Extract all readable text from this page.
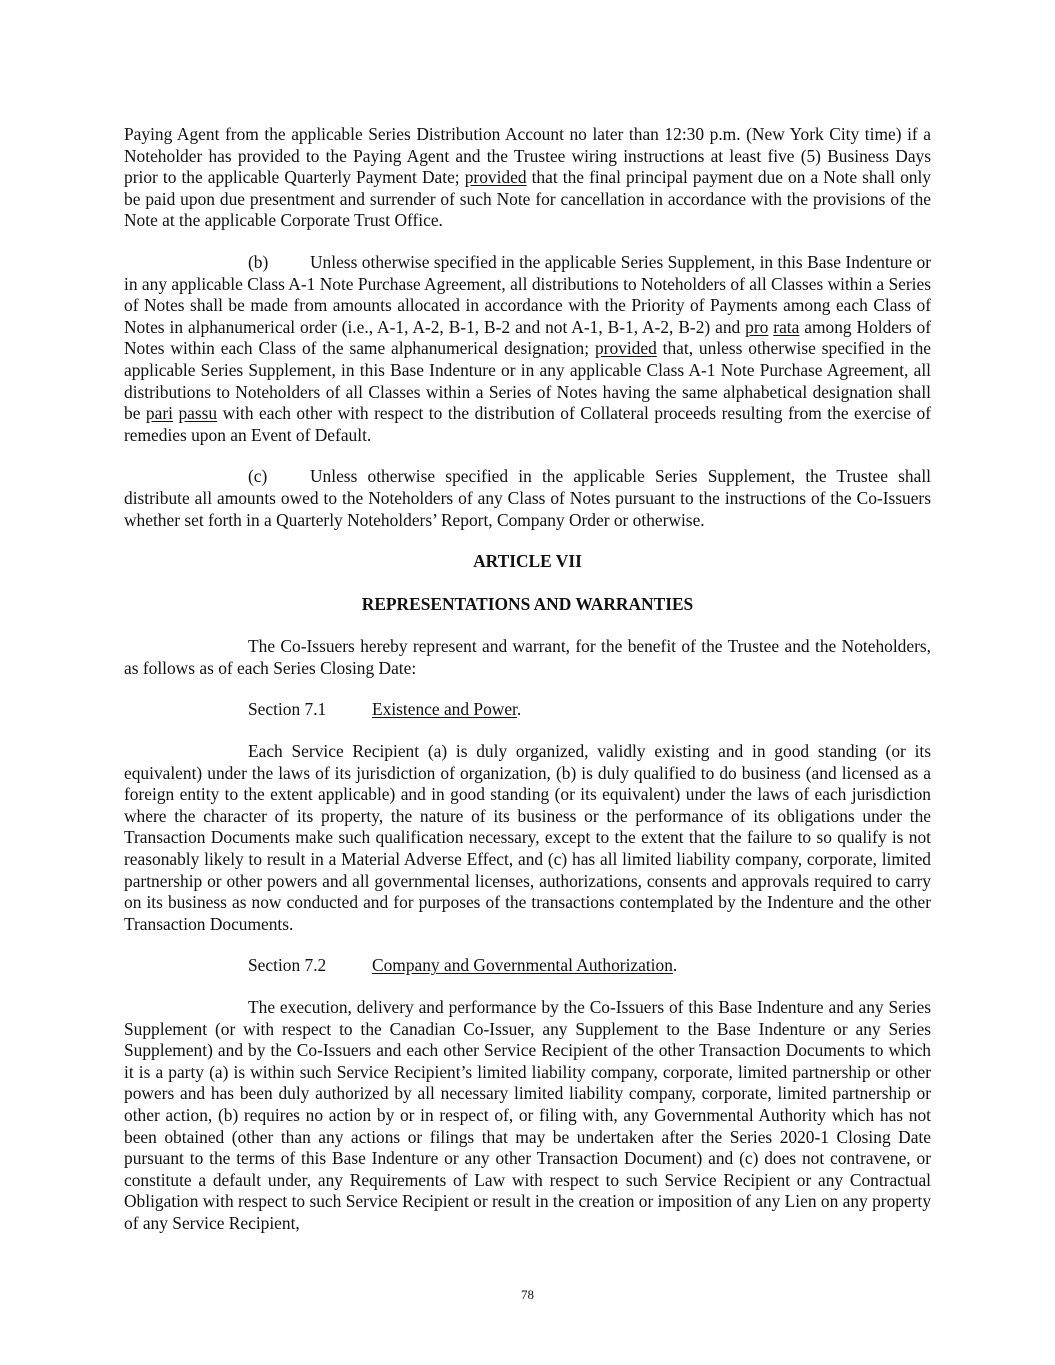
Paying Agent from the applicable Series Distribution Account no later than 12:30 p.m. (New York City time) if a Noteholder has provided to the Paying Agent and the Trustee wiring instructions at least five (5) Business Days prior to the applicable Quarterly Payment Date; provided that the final principal payment due on a Note shall only be paid upon due presentment and surrender of such Note for cancellation in accordance with the provisions of the Note at the applicable Corporate Trust Office.

(b) Unless otherwise specified in the applicable Series Supplement, in this Base Indenture or in any applicable Class A-1 Note Purchase Agreement, all distributions to Noteholders of all Classes within a Series of Notes shall be made from amounts allocated in accordance with the Priority of Payments among each Class of Notes in alphanumerical order (i.e., A-1, A-2, B-1, B-2 and not A-1, B-1, A-2, B-2) and pro rata among Holders of Notes within each Class of the same alphanumerical designation; provided that, unless otherwise specified in the applicable Series Supplement, in this Base Indenture or in any applicable Class A-1 Note Purchase Agreement, all distributions to Noteholders of all Classes within a Series of Notes having the same alphabetical designation shall be pari passu with each other with respect to the distribution of Collateral proceeds resulting from the exercise of remedies upon an Event of Default.

(c) Unless otherwise specified in the applicable Series Supplement, the Trustee shall distribute all amounts owed to the Noteholders of any Class of Notes pursuant to the instructions of the Co-Issuers whether set forth in a Quarterly Noteholders’ Report, Company Order or otherwise.

ARTICLE VII

REPRESENTATIONS AND WARRANTIES

The Co-Issuers hereby represent and warrant, for the benefit of the Trustee and the Noteholders, as follows as of each Series Closing Date:

Section 7.1	Existence and Power.

Each Service Recipient (a) is duly organized, validly existing and in good standing (or its equivalent) under the laws of its jurisdiction of organization, (b) is duly qualified to do business (and licensed as a foreign entity to the extent applicable) and in good standing (or its equivalent) under the laws of each jurisdiction where the character of its property, the nature of its business or the performance of its obligations under the Transaction Documents make such qualification necessary, except to the extent that the failure to so qualify is not reasonably likely to result in a Material Adverse Effect, and (c) has all limited liability company, corporate, limited partnership or other powers and all governmental licenses, authorizations, consents and approvals required to carry on its business as now conducted and for purposes of the transactions contemplated by the Indenture and the other Transaction Documents.

Section 7.2	Company and Governmental Authorization.

The execution, delivery and performance by the Co-Issuers of this Base Indenture and any Series Supplement (or with respect to the Canadian Co-Issuer, any Supplement to the Base Indenture or any Series Supplement) and by the Co-Issuers and each other Service Recipient of the other Transaction Documents to which it is a party (a) is within such Service Recipient’s limited liability company, corporate, limited partnership or other powers and has been duly authorized by all necessary limited liability company, corporate, limited partnership or other action, (b) requires no action by or in respect of, or filing with, any Governmental Authority which has not been obtained (other than any actions or filings that may be undertaken after the Series 2020-1 Closing Date pursuant to the terms of this Base Indenture or any other Transaction Document) and (c) does not contravene, or constitute a default under, any Requirements of Law with respect to such Service Recipient or any Contractual Obligation with respect to such Service Recipient or result in the creation or imposition of any Lien on any property of any Service Recipient,

78
